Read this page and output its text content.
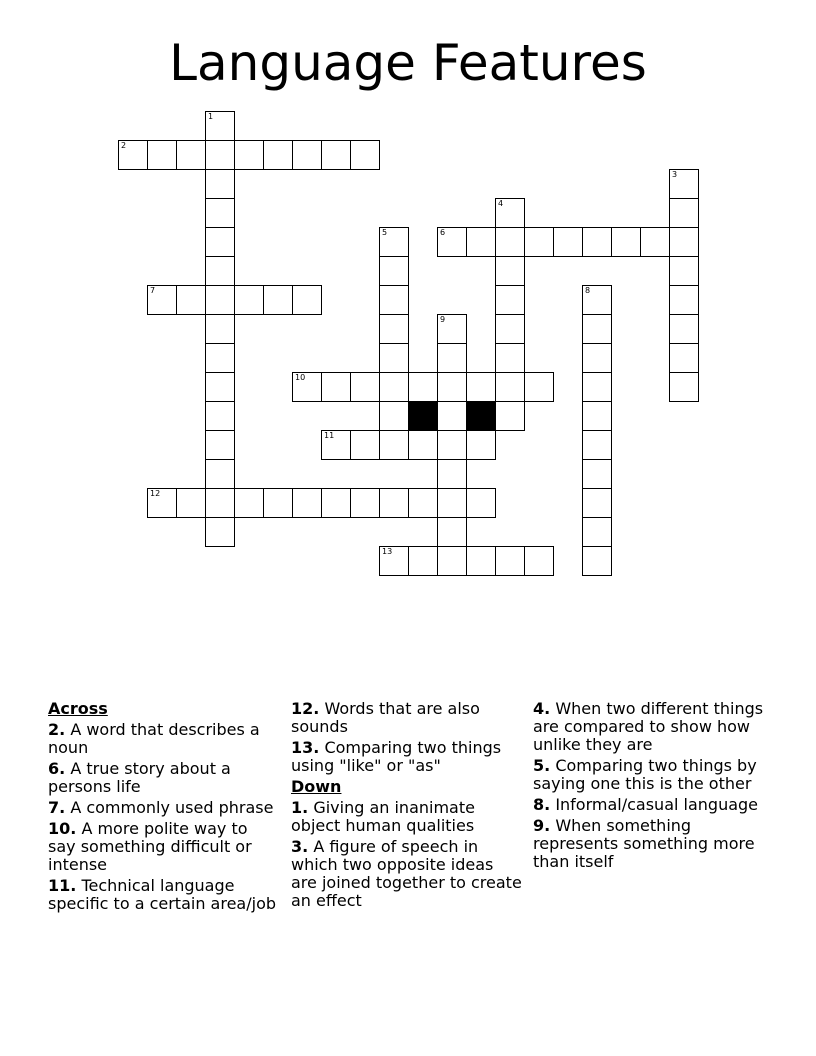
Language Features
1
2
3
4
5	6
7	8
9
10
11
12
13
Across
2. A word that describes a noun
6. A true story about a persons life
7. A commonly used phrase
10. A more polite way to say something difficult or intense
11. Technical language specific to a certain area/job
12. Words that are also sounds
13. Comparing two things using "like" or "as"
Down
1. Giving an inanimate object human qualities
3. A figure of speech in which two opposite ideas are joined together to create an effect
4. When two different things are compared to show how unlike they are
5. Comparing two things by saying one this is the other
8. Informal/casual language
9. When something represents something more than itself
